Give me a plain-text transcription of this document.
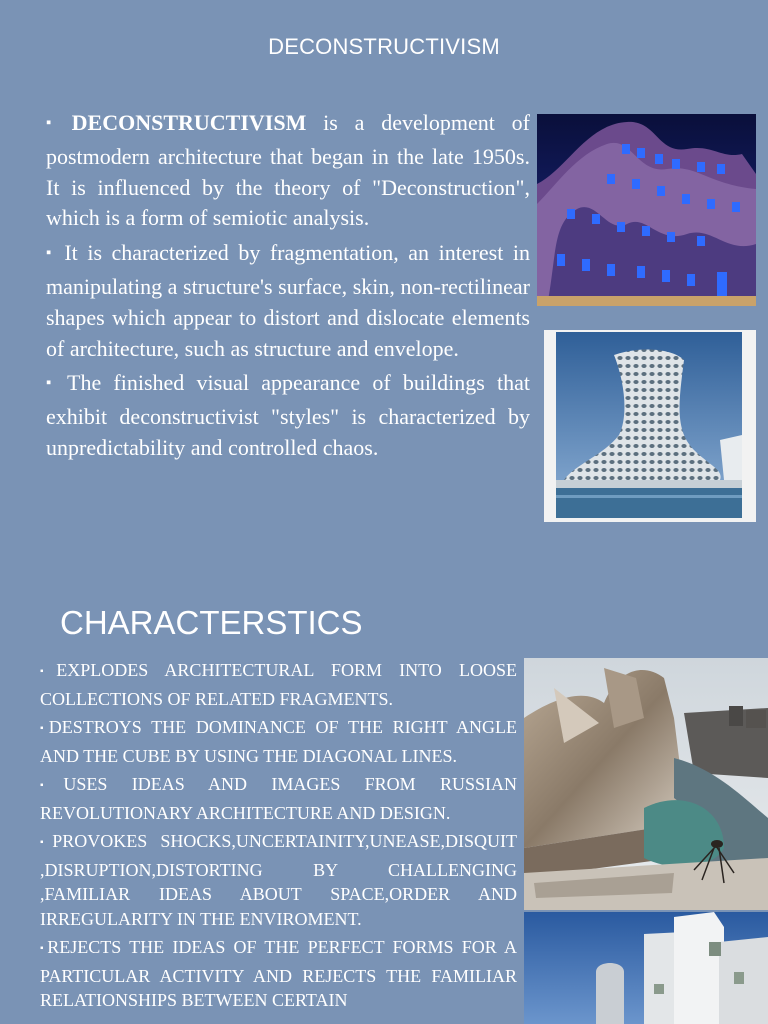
DECONSTRUCTIVISM

▪ DECONSTRUCTIVISM is a development of postmodern architecture that began in the late 1950s. It is influenced by the theory of "Deconstruction", which is a form of semiotic analysis.

▪ It is characterized by fragmentation, an interest in manipulating a structure's surface, skin, non-rectilinear shapes which appear to distort and dislocate elements of architecture, such as structure and envelope.

▪ The finished visual appearance of buildings that exhibit deconstructivist "styles" is characterized by unpredictability and controlled chaos.

CHARACTERSTICS

▪EXPLODES ARCHITECTURAL FORM INTO LOOSE COLLECTIONS OF RELATED FRAGMENTS.

▪DESTROYS THE DOMINANCE OF THE RIGHT ANGLE AND THE CUBE BY USING THE DIAGONAL LINES.

▪USES IDEAS AND IMAGES FROM RUSSIAN REVOLUTIONARY ARCHITECTURE AND DESIGN.

▪PROVOKES SHOCKS,UNCERTAINITY,UNEASE,DISQUIT ,DISRUPTION,DISTORTING BY CHALLENGING ,FAMILIAR IDEAS ABOUT SPACE,ORDER AND IRREGULARITY IN THE ENVIROMENT.

▪REJECTS THE IDEAS OF THE PERFECT FORMS FOR A PARTICULAR ACTIVITY AND REJECTS THE FAMILIAR RELATIONSHIPS BETWEEN CERTAIN
